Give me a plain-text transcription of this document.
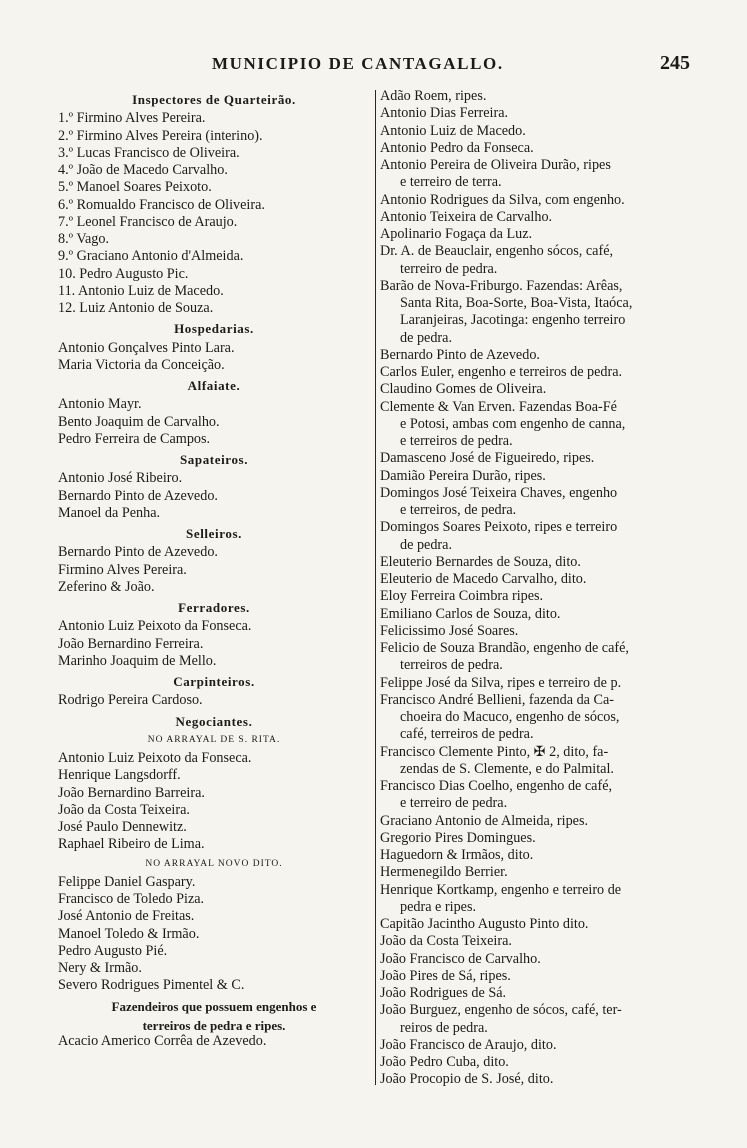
MUNICIPIO DE CANTAGALLO.	245
Inspectores de Quarteirão.
1.º Firmino Alves Pereira.
2.º Firmino Alves Pereira (interino).
3.º Lucas Francisco de Oliveira.
4.º João de Macedo Carvalho.
5.º Manoel Soares Peixoto.
6.º Romualdo Francisco de Oliveira.
7.º Leonel Francisco de Araujo.
8.º Vago.
9.º Graciano Antonio d'Almeida.
10. Pedro Augusto Pic.
11. Antonio Luiz de Macedo.
12. Luiz Antonio de Souza.
Hospedarias.
Antonio Gonçalves Pinto Lara.
Maria Victoria da Conceição.
Alfaiate.
Antonio Mayr.
Bento Joaquim de Carvalho.
Pedro Ferreira de Campos.
Sapateiros.
Antonio José Ribeiro.
Bernardo Pinto de Azevedo.
Manoel da Penha.
Selleiros.
Bernardo Pinto de Azevedo.
Firmino Alves Pereira.
Zeferino & João.
Ferradores.
Antonio Luiz Peixoto da Fonseca.
João Bernardino Ferreira.
Marinho Joaquim de Mello.
Carpinteiros.
Rodrigo Pereira Cardoso.
Negociantes.
NO ARRAYAL DE S. RITA.
Antonio Luiz Peixoto da Fonseca.
Henrique Langsdorff.
João Bernardino Barreira.
João da Costa Teixeira.
José Paulo Dennewitz.
Raphael Ribeiro de Lima.
NO ARRAYAL NOVO DITO.
Felippe Daniel Gaspary.
Francisco de Toledo Piza.
José Antonio de Freitas.
Manoel Toledo & Irmão.
Pedro Augusto Pié.
Nery & Irmão.
Severo Rodrigues Pimentel & C.
Fazendeiros que possuem engenhos e
terreiros de pedra e ripes.
Acacio Americo Corrêa de Azevedo.
Adão Roem, ripes.
Antonio Dias Ferreira.
Antonio Luiz de Macedo.
Antonio Pedro da Fonseca.
Antonio Pereira de Oliveira Durão, ripes
e terreiro de terra.
Antonio Rodrigues da Silva, com engenho.
Antonio Teixeira de Carvalho.
Apolinario Fogaça da Luz.
Dr. A. de Beauclair, engenho sócos, café,
terreiro de pedra.
Barão de Nova-Friburgo. Fazendas: Arêas,
Santa Rita, Boa-Sorte, Boa-Vista, Itaóca,
Laranjeiras, Jacotinga: engenho terreiro
de pedra.
Bernardo Pinto de Azevedo.
Carlos Euler, engenho e terreiros de pedra.
Claudino Gomes de Oliveira.
Clemente & Van Erven. Fazendas Boa-Fé
e Potosi, ambas com engenho de canna,
e terreiros de pedra.
Damasceno José de Figueiredo, ripes.
Damião Pereira Durão, ripes.
Domingos José Teixeira Chaves, engenho
e terreiros, de pedra.
Domingos Soares Peixoto, ripes e terreiro
de pedra.
Eleuterio Bernardes de Souza, dito.
Eleuterio de Macedo Carvalho, dito.
Eloy Ferreira Coimbra ripes.
Emiliano Carlos de Souza, dito.
Felicissimo José Soares.
Felicio de Souza Brandão, engenho de café,
terreiros de pedra.
Felippe José da Silva, ripes e terreiro de p.
Francisco André Bellieni, fazenda da Ca-
choeira do Macuco, engenho de sócos,
café, terreiros de pedra.
Francisco Clemente Pinto, ✠ 2, dito, fa-
zendas de S. Clemente, e do Palmital.
Francisco Dias Coelho, engenho de café,
e terreiro de pedra.
Graciano Antonio de Almeida, ripes.
Gregorio Pires Domingues.
Haguedorn & Irmãos, dito.
Hermenegildo Berrier.
Henrique Kortkamp, engenho e terreiro de
pedra e ripes.
Capitão Jacintho Augusto Pinto dito.
João da Costa Teixeira.
João Francisco de Carvalho.
João Pires de Sá, ripes.
João Rodrigues de Sá.
João Burguez, engenho de sócos, café, ter-
reiros de pedra.
João Francisco de Araujo, dito.
João Pedro Cuba, dito.
João Procopio de S. José, dito.
